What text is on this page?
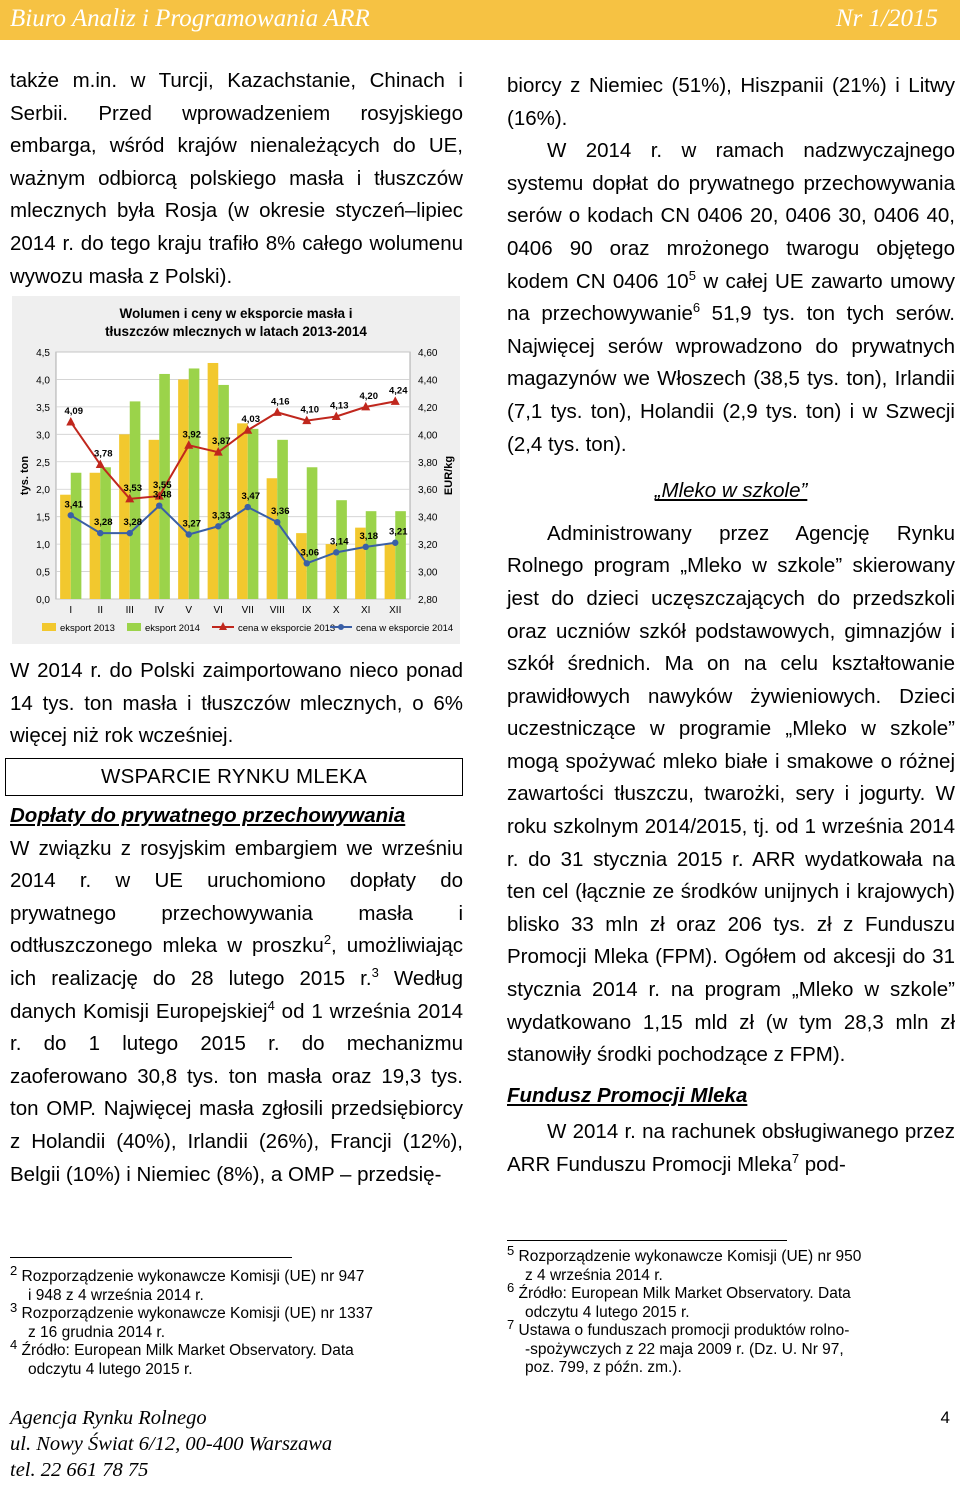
Biuro Analiz i Programowania ARR	Nr 1/2015

także m.in. w Turcji, Kazachstanie, Chinach i Serbii. Przed wprowadzeniem rosyjskiego embarga, wśród krajów nienależących do UE, ważnym odbiorcą polskiego masła i tłuszczów mlecznych była Rosja (w okresie styczeń–lipiec 2014 r. do tego kraju trafiło 8% całego wolumenu wywozu masła z Polski).

Wolumen i ceny w eksporcie masła i
tłuszczów mlecznych w latach 2013-2014
0,0
0,5
1,0
1,5
2,0
2,5
3,0
3,5
4,0
4,5
2,80
3,00
3,20
3,40
3,60
3,80
4,00
4,20
4,40
4,60
tys. ton	EUR/kg
I	II III IV V VI VII VIII IX X XI XII
4,09
3,78
3,53 3,55
3,92
3,87
4,03
4,16
4,10 4,13
4,20 4,24
3,41
3,28 3,28
3,48
3,27
3,33
3,47
3,36
3,06
3,14 3,18 3,21
eksport 2013	eksport 2014	cena w eksporcie 2013 cena w eksporcie 2014

W 2014 r. do Polski zaimportowano nieco ponad 14 tys. ton masła i tłuszczów mlecznych, o 6% więcej niż rok wcześniej.

WSPARCIE RYNKU MLEKA

Dopłaty do prywatnego przechowywania

W związku z rosyjskim embargiem we wrześniu 2014 r. w UE uruchomiono dopłaty do prywatnego przechowywania masła i odtłuszczonego mleka w proszku$^2$, umożliwiając ich realizację do 28 lutego 2015 r.$^3$ Według danych Komisji Europejskiej$^4$ od 1 września 2014 r. do 1 lutego 2015 r. do mechanizmu zaoferowano 30,8 tys. ton masła oraz 19,3 tys. ton OMP. Najwięcej masła zgłosili przedsiębiorcy z Holandii (40%), Irlandii (26%), Francji (12%), Belgii (10%) i Niemiec (8%), a OMP – przedsię-

biorcy z Niemiec (51%), Hiszpanii (21%) i Litwy (16%).

W 2014 r. w ramach nadzwyczajnego systemu dopłat do prywatnego przechowywania serów o kodach CN 0406 20, 0406 30, 0406 40, 0406 90 oraz mrożonego twarogu objętego kodem CN 0406 $10^5$ w całej UE zawarto umowy na przechowywanie$^6$ 51,9 tys. ton tych serów. Najwięcej serów wprowadzono do prywatnych magazynów we Włoszech (38,5 tys. ton), Irlandii (7,1 tys. ton), Holandii (2,9 tys. ton) i w Szwecji (2,4 tys. ton).

„Mleko w szkole”

Administrowany przez Agencję Rynku Rolnego program „Mleko w szkole” skierowany jest do dzieci uczęszczających do przedszkoli oraz uczniów szkół podstawowych, gimnazjów i szkół średnich. Ma on na celu kształtowanie prawidłowych nawyków żywieniowych. Dzieci uczestniczące w programie „Mleko w szkole” mogą spożywać mleko białe i smakowe o różnej zawartości tłuszczu, twarożki, sery i jogurty. W roku szkolnym 2014/2015, tj. od 1 września 2014 r. do 31 stycznia 2015 r. ARR wydatkowała na ten cel (łącznie ze środków unijnych i krajowych) blisko 33 mln zł oraz 206 tys. zł z Funduszu Promocji Mleka (FPM). Ogółem od akcesji do 31 stycznia 2014 r. na program „Mleko w szkole” wydatkowano 1,15 mld zł (w tym 28,3 mln zł stanowiły środki pochodzące z FPM).

Fundusz Promocji Mleka

W 2014 r. na rachunek obsługiwanego przez ARR Funduszu Promocji Mleka$^7$ pod-

$^2$ Rozporządzenie wykonawcze Komisji (UE) nr 947
i 948 z 4 września 2014 r.

$^3$ Rozporządzenie wykonawcze Komisji (UE) nr 1337
z 16 grudnia 2014 r.

$^4$ Źródło: European Milk Market Observatory. Data
odczytu 4 lutego 2015 r.

$^5$ Rozporządzenie wykonawcze Komisji (UE) nr 950
z 4 września 2014 r.

$^6$ Źródło: European Milk Market Observatory. Data
odczytu 4 lutego 2015 r.

$^7$ Ustawa o funduszach promocji produktów rolno-
-spożywczych z 22 maja 2009 r. (Dz. U. Nr 97,
poz. 799, z późn. zm.).

Agencja Rynku Rolnego
ul. Nowy Świat 6/12, 00-400 Warszawa
tel. 22 661 78 75
4
